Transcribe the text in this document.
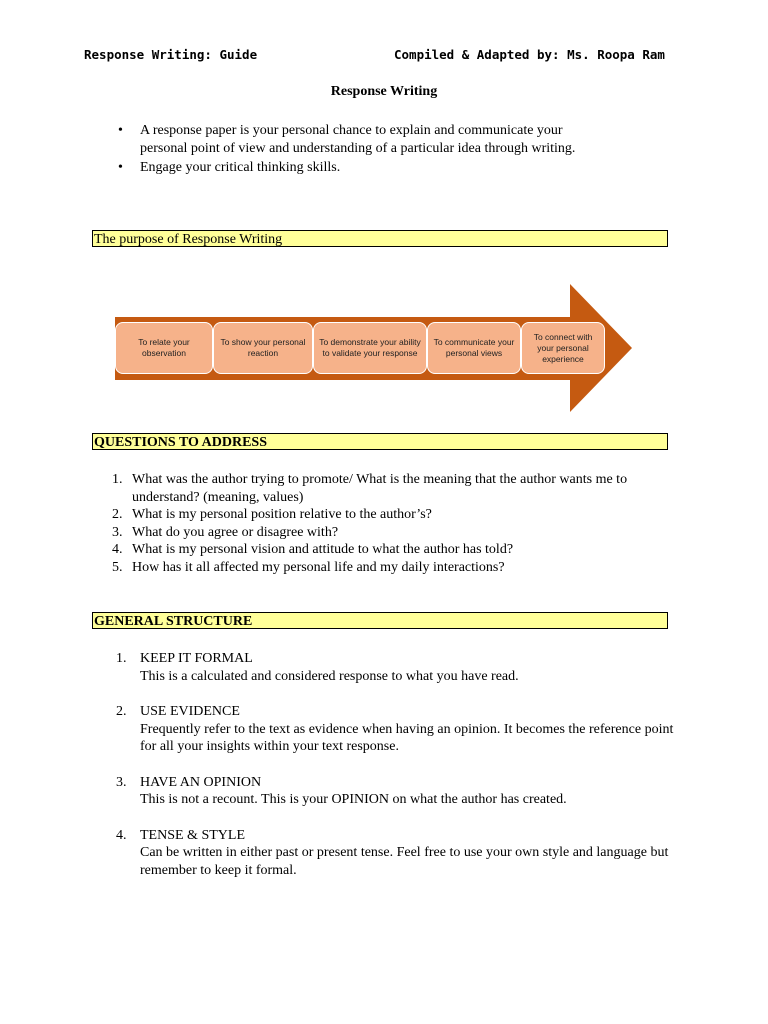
Response Writing: Guide	Compiled & Adapted by: Ms. Roopa Ram
Response Writing
• A response paper is your personal chance to explain and communicate your personal point of view and understanding of a particular idea through writing.
• Engage your critical thinking skills.
The purpose of Response Writing
To relate your observation
To show your personal reaction
To demonstrate your ability to validate your response
To communicate your personal views
To connect with your personal experience
QUESTIONS TO ADDRESS
1. What was the author trying to promote/ What is the meaning that the author wants me to understand? (meaning, values)
2. What is my personal position relative to the author’s?
3. What do you agree or disagree with?
4. What is my personal vision and attitude to what the author has told?
5. How has it all affected my personal life and my daily interactions?
GENERAL STRUCTURE
1. KEEP IT FORMAL
This is a calculated and considered response to what you have read.
2. USE EVIDENCE
Frequently refer to the text as evidence when having an opinion. It becomes the reference point for all your insights within your text response.
3. HAVE AN OPINION
This is not a recount. This is your OPINION on what the author has created.
4. TENSE & STYLE
Can be written in either past or present tense. Feel free to use your own style and language but remember to keep it formal.
